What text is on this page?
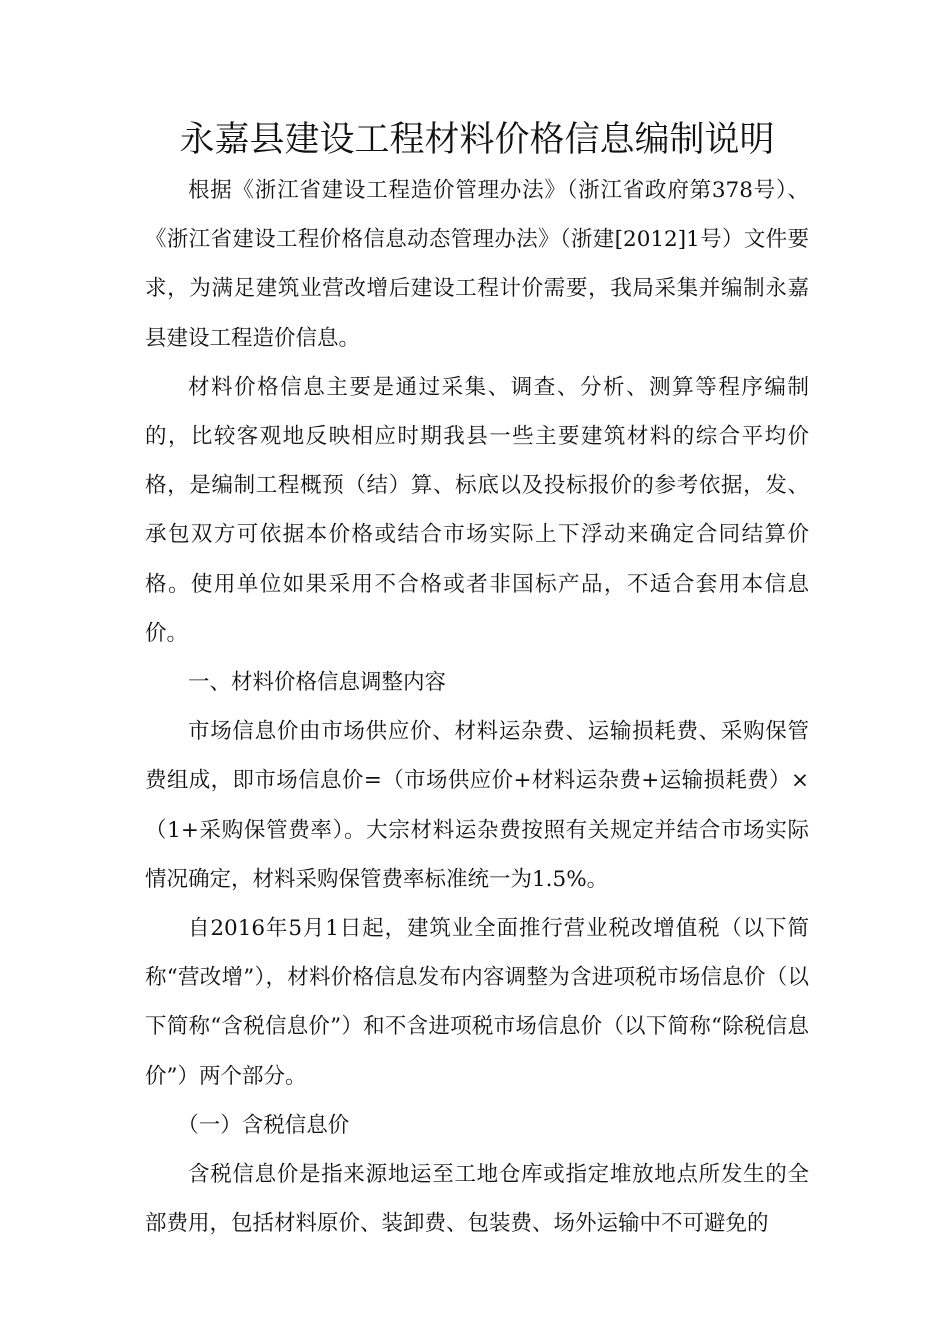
永嘉县建设工程材料价格信息编制说明

根据《浙江省建设工程造价管理办法》（浙江省政府第378号）、《浙江省建设工程价格信息动态管理办法》（浙建[2012]1号）文件要求，为满足建筑业营改增后建设工程计价需要，我局采集并编制永嘉县建设工程造价信息。

材料价格信息主要是通过采集、调查、分析、测算等程序编制的，比较客观地反映相应时期我县一些主要建筑材料的综合平均价格，是编制工程概预（结）算、标底以及投标报价的参考依据，发、承包双方可依据本价格或结合市场实际上下浮动来确定合同结算价格。使用单位如果采用不合格或者非国标产品，不适合套用本信息价。

一、材料价格信息调整内容

市场信息价由市场供应价、材料运杂费、运输损耗费、采购保管费组成，即市场信息价=（市场供应价+材料运杂费+运输损耗费）×（1+采购保管费率）。大宗材料运杂费按照有关规定并结合市场实际情况确定，材料采购保管费率标准统一为1.5%。

自2016年5月1日起，建筑业全面推行营业税改增值税（以下简称“营改增”），材料价格信息发布内容调整为含进项税市场信息价（以下简称“含税信息价”）和不含进项税市场信息价（以下简称“除税信息价”）两个部分。

（一）含税信息价

含税信息价是指来源地运至工地仓库或指定堆放地点所发生的全部费用，包括材料原价、装卸费、包装费、场外运输中不可避免的
